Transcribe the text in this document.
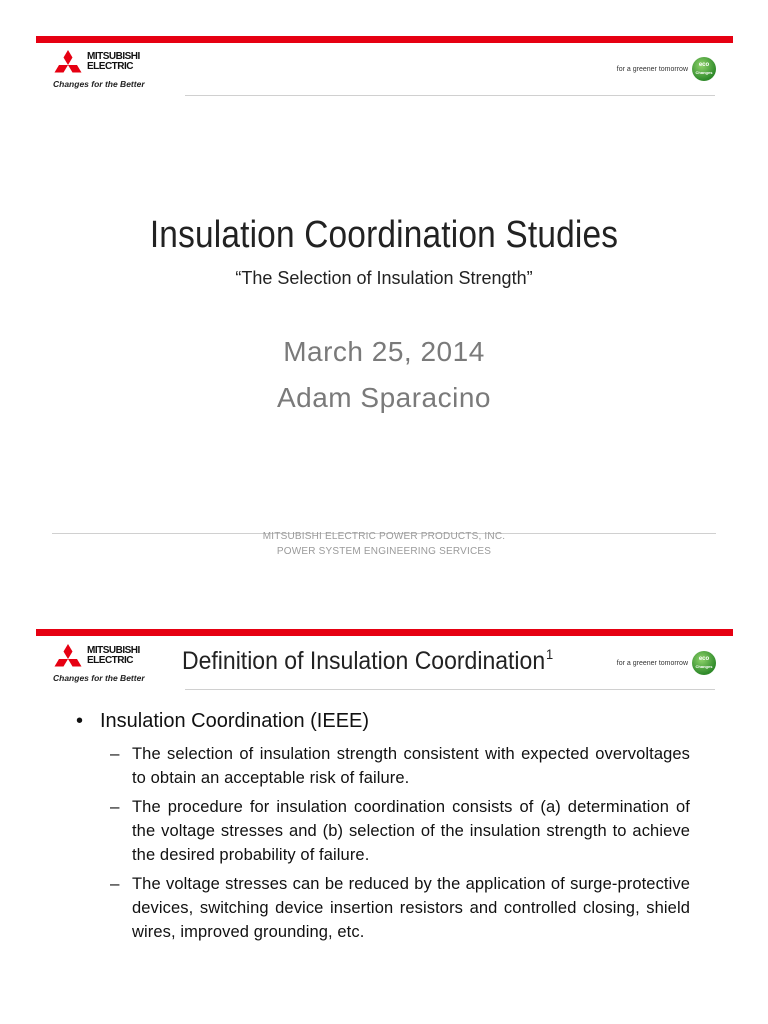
MITSUBISHI
ELECTRIC
Changes for the Better
for a greener tomorrow
eco
Changes
Insulation Coordination Studies
“The Selection of Insulation Strength”
March 25, 2014
Adam Sparacino
MITSUBISHI ELECTRIC POWER PRODUCTS, INC.
POWER SYSTEM ENGINEERING SERVICES
MITSUBISHI
ELECTRIC
Changes for the Better
Definition of Insulation Coordination$^1$
for a greener tomorrow
eco
Changes
• Insulation Coordination (IEEE)
– The selection of insulation strength consistent with expected overvoltages to obtain an acceptable risk of failure.
– The procedure for insulation coordination consists of (a) determination of the voltage stresses and (b) selection of the insulation strength to achieve the desired probability of failure.
– The voltage stresses can be reduced by the application of surge-protective devices, switching device insertion resistors and controlled closing, shield wires, improved grounding, etc.
